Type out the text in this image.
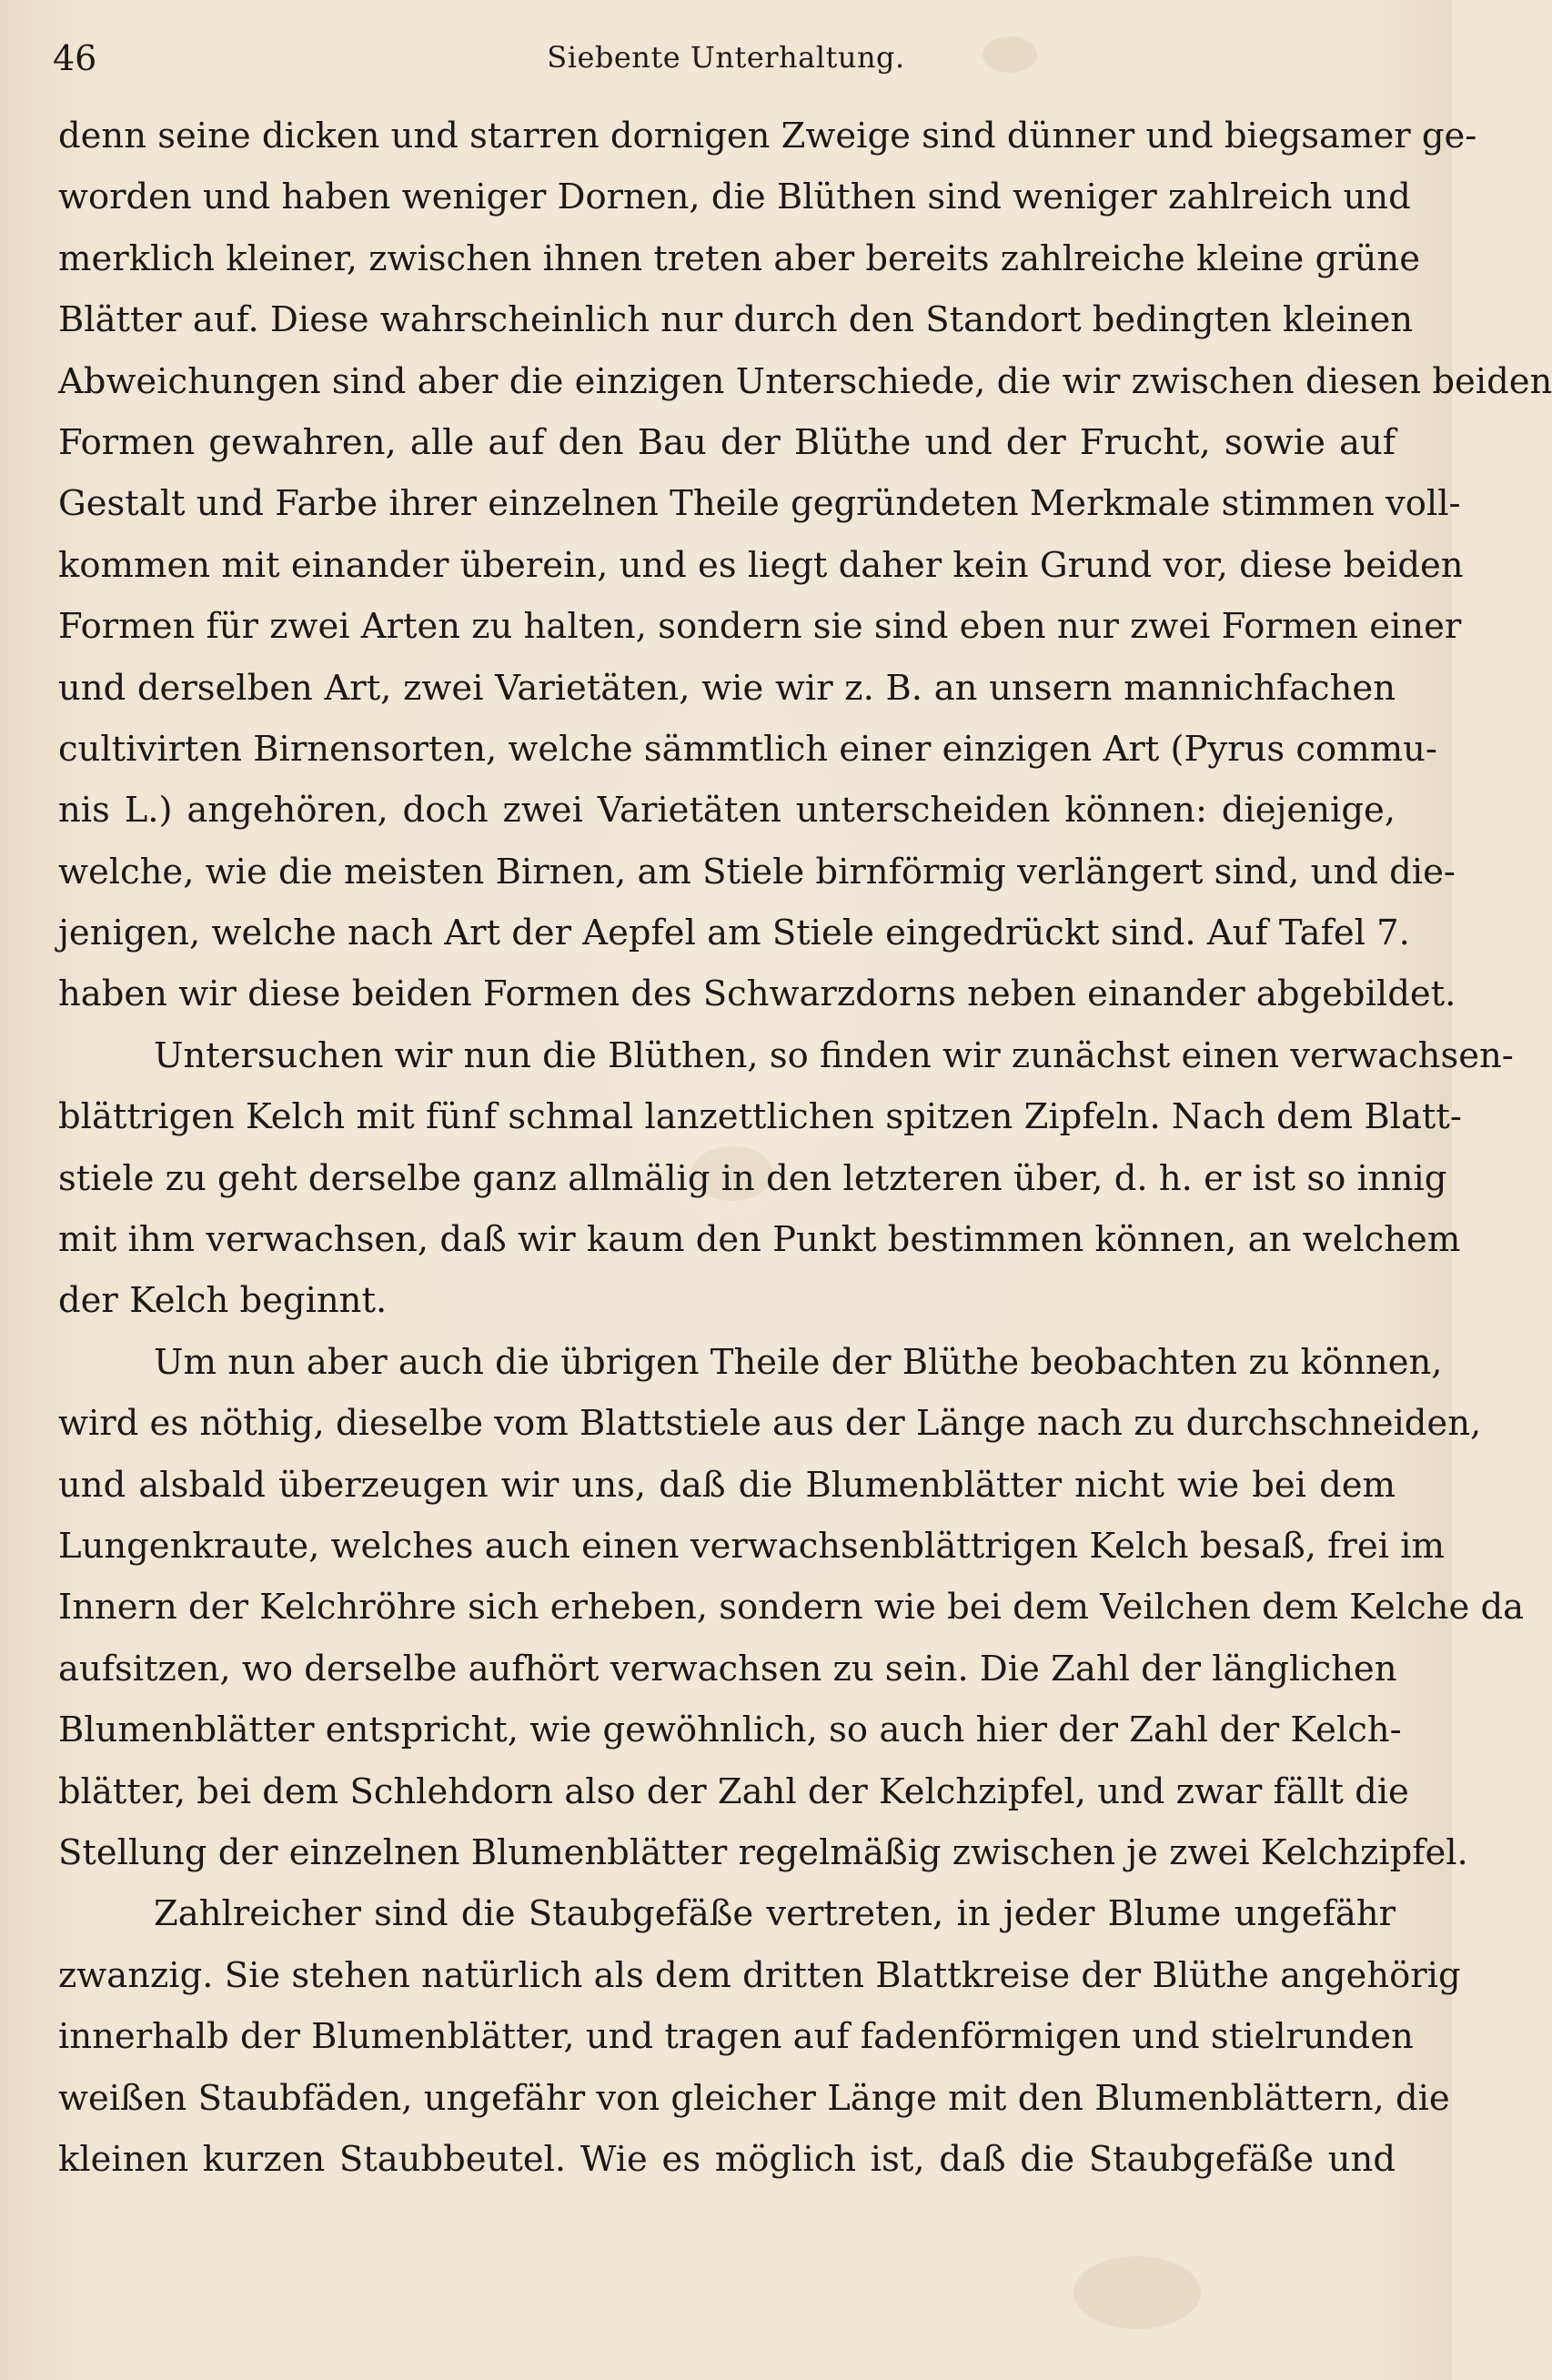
46	Siebente Unterhaltung.
denn seine dicken und starren dornigen Zweige sind dünner und biegsamer ge-
worden und haben weniger Dornen, die Blüthen sind weniger zahlreich und
merklich kleiner, zwischen ihnen treten aber bereits zahlreiche kleine grüne
Blätter auf. Diese wahrscheinlich nur durch den Standort bedingten kleinen
Abweichungen sind aber die einzigen Unterschiede, die wir zwischen diesen beiden
Formen gewahren, alle auf den Bau der Blüthe und der Frucht, sowie auf
Gestalt und Farbe ihrer einzelnen Theile gegründeten Merkmale stimmen voll-
kommen mit einander überein, und es liegt daher kein Grund vor, diese beiden
Formen für zwei Arten zu halten, sondern sie sind eben nur zwei Formen einer
und derselben Art, zwei Varietäten, wie wir z. B. an unsern mannichfachen
cultivirten Birnensorten, welche sämmtlich einer einzigen Art (Pyrus commu-
nis L.) angehören, doch zwei Varietäten unterscheiden können: diejenige,
welche, wie die meisten Birnen, am Stiele birnförmig verlängert sind, und die-
jenigen, welche nach Art der Aepfel am Stiele eingedrückt sind. Auf Tafel 7.
haben wir diese beiden Formen des Schwarzdorns neben einander abgebildet.
Untersuchen wir nun die Blüthen, so finden wir zunächst einen verwachsen-
blättrigen Kelch mit fünf schmal lanzettlichen spitzen Zipfeln. Nach dem Blatt-
stiele zu geht derselbe ganz allmälig in den letzteren über, d. h. er ist so innig
mit ihm verwachsen, daß wir kaum den Punkt bestimmen können, an welchem
der Kelch beginnt.
Um nun aber auch die übrigen Theile der Blüthe beobachten zu können,
wird es nöthig, dieselbe vom Blattstiele aus der Länge nach zu durchschneiden,
und alsbald überzeugen wir uns, daß die Blumenblätter nicht wie bei dem
Lungenkraute, welches auch einen verwachsenblättrigen Kelch besaß, frei im
Innern der Kelchröhre sich erheben, sondern wie bei dem Veilchen dem Kelche da
aufsitzen, wo derselbe aufhört verwachsen zu sein. Die Zahl der länglichen
Blumenblätter entspricht, wie gewöhnlich, so auch hier der Zahl der Kelch-
blätter, bei dem Schlehdorn also der Zahl der Kelchzipfel, und zwar fällt die
Stellung der einzelnen Blumenblätter regelmäßig zwischen je zwei Kelchzipfel.
Zahlreicher sind die Staubgefäße vertreten, in jeder Blume ungefähr
zwanzig. Sie stehen natürlich als dem dritten Blattkreise der Blüthe angehörig
innerhalb der Blumenblätter, und tragen auf fadenförmigen und stielrunden
weißen Staubfäden, ungefähr von gleicher Länge mit den Blumenblättern, die
kleinen kurzen Staubbeutel. Wie es möglich ist, daß die Staubgefäße und
